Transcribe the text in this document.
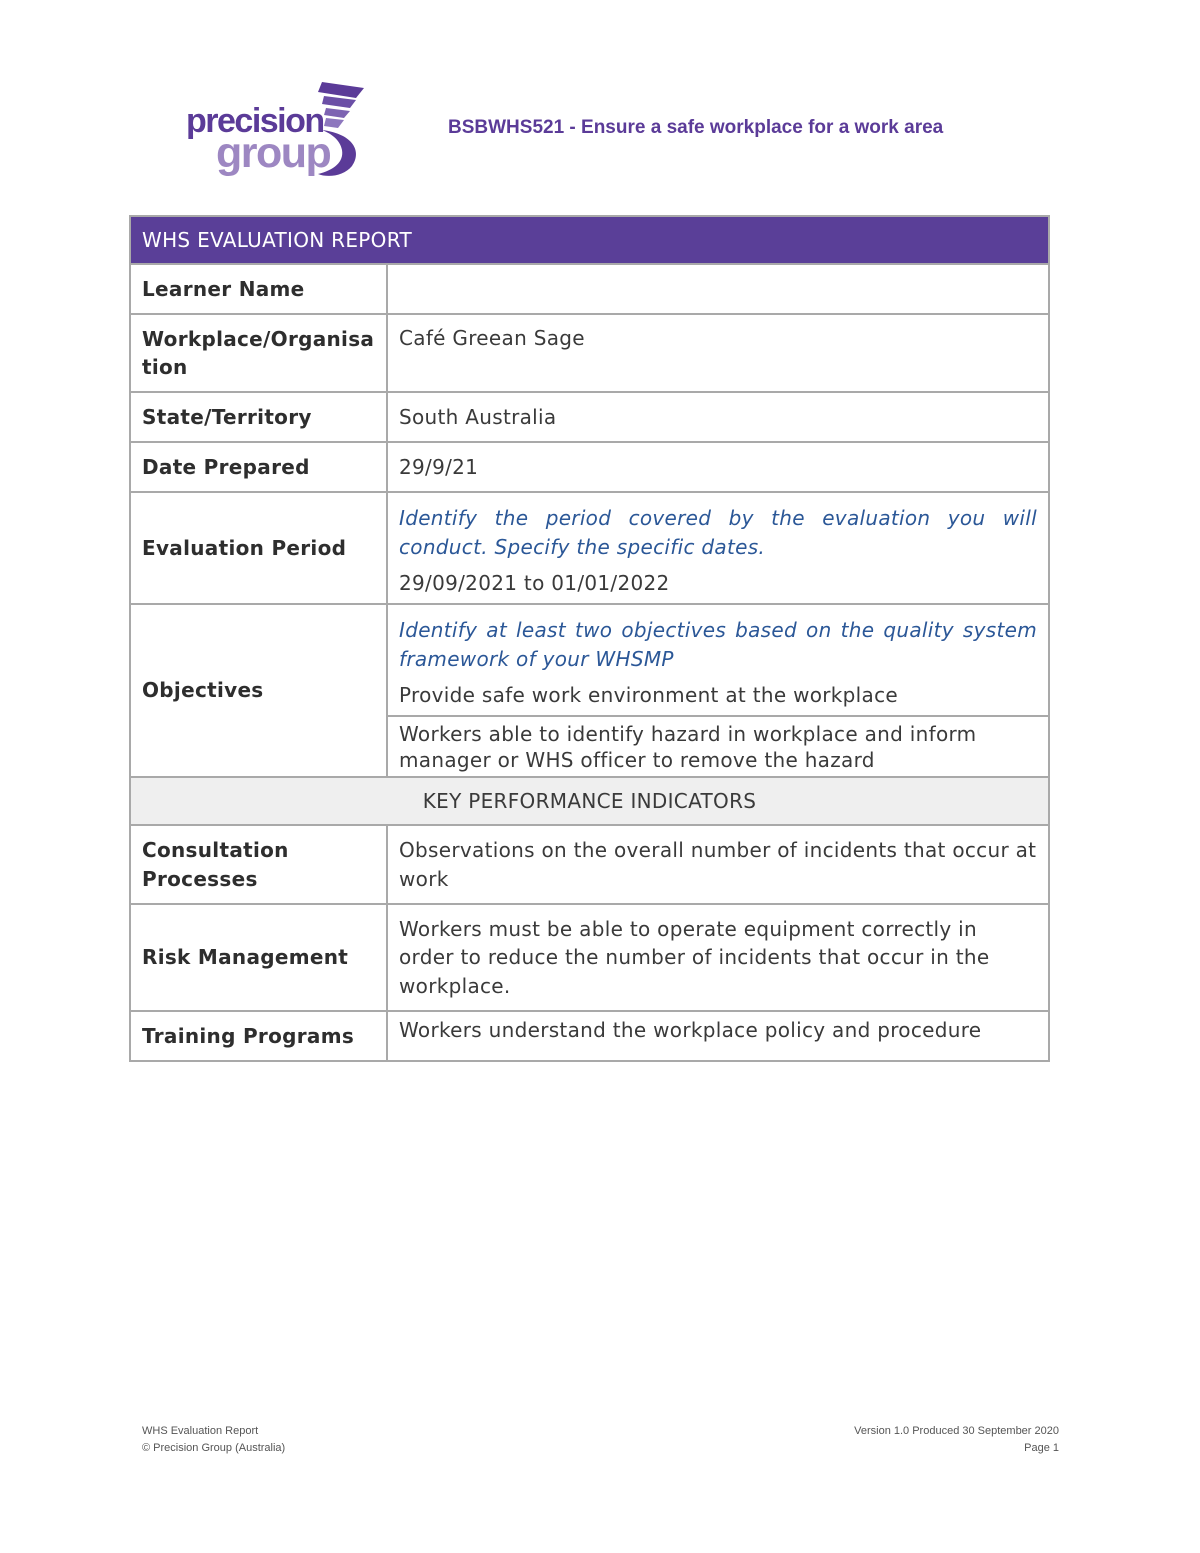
precision
group
BSBWHS521 - Ensure a safe workplace for a work area
WHS EVALUATION REPORT	
Learner Name	
Workplace/Organisation	Café Greean Sage
State/Territory	South Australia
Date Prepared	29/9/21
Evaluation Period	Identify the period covered by the evaluation you will conduct. Specify the specific dates.
29/09/2021 to 01/01/2022

Objectives	Identify at least two objectives based on the quality system framework of your WHSMP
Provide safe work environment at the workplace

	Workers able to identify hazard in workplace and inform manager or WHS officer to remove the hazard
KEY PERFORMANCE INDICATORS	
Consultation Processes	Observations on the overall number of incidents that occur at work
Risk Management	Workers must be able to operate equipment correctly in order to reduce the number of incidents that occur in the workplace.
Training Programs	Workers understand the workplace policy and procedure
WHS Evaluation Report
© Precision Group (Australia)
Version 1.0 Produced 30 September 2020
Page 1
